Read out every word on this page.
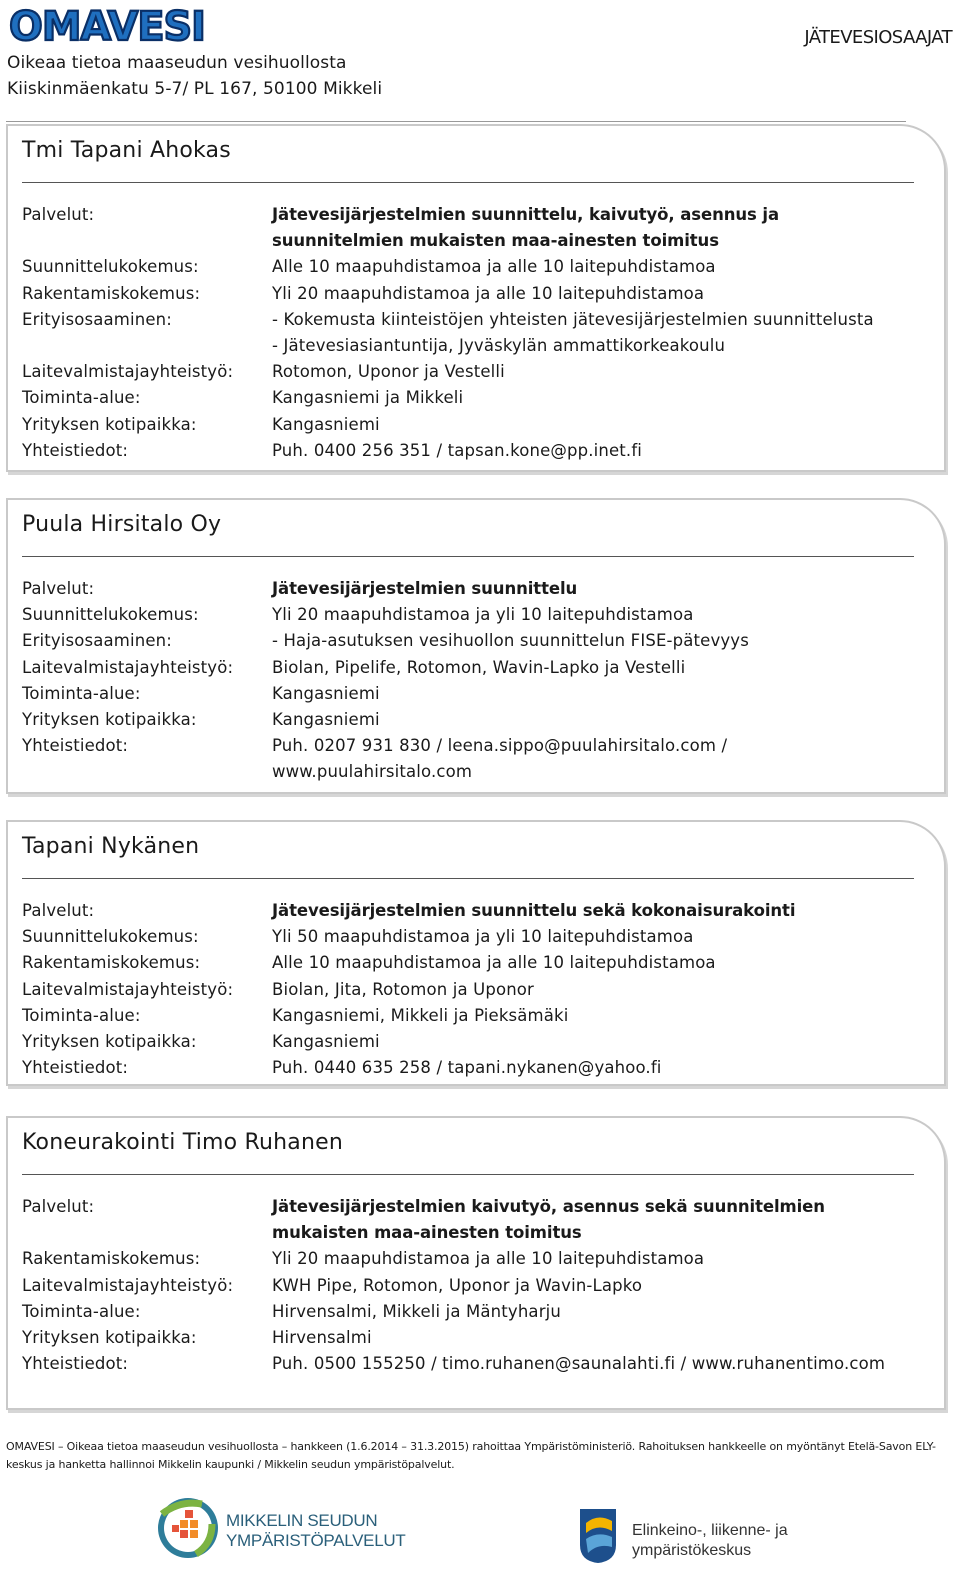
OMAVESI
Oikeaa tietoa maaseudun vesihuollosta
Kiiskinmäenkatu 5-7/ PL 167, 50100 Mikkeli
JÄTEVESIOSAAJAT
Tmi Tapani Ahokas
Palvelut:	Jätevesijärjestelmien suunnittelu, kaivutyö, asennus ja suunnitelmien mukaisten maa-ainesten toimitus
Suunnittelukokemus:	Alle 10 maapuhdistamoa ja alle 10 laitepuhdistamoa
Rakentamiskokemus:	Yli 20 maapuhdistamoa ja alle 10 laitepuhdistamoa
Erityisosaaminen:	- Kokemusta kiinteistöjen yhteisten jätevesijärjestelmien suunnittelusta
- Jätevesiasiantuntija, Jyväskylän ammattikorkeakoulu
Laitevalmistajayhteistyö:	Rotomon, Uponor ja Vestelli
Toiminta-alue:	Kangasniemi ja Mikkeli
Yrityksen kotipaikka:	Kangasniemi
Yhteistiedot:	Puh. 0400 256 351 / tapsan.kone@pp.inet.fi
Puula Hirsitalo Oy
Palvelut:	Jätevesijärjestelmien suunnittelu
Suunnittelukokemus:	Yli 20 maapuhdistamoa ja yli 10 laitepuhdistamoa
Erityisosaaminen:	- Haja-asutuksen vesihuollon suunnittelun FISE-pätevyys
Laitevalmistajayhteistyö:	Biolan, Pipelife, Rotomon, Wavin-Lapko ja Vestelli
Toiminta-alue:	Kangasniemi
Yrityksen kotipaikka:	Kangasniemi
Yhteistiedot:	Puh. 0207 931 830 / leena.sippo@puulahirsitalo.com / www.puulahirsitalo.com
Tapani Nykänen
Palvelut:	Jätevesijärjestelmien suunnittelu sekä kokonaisurakointi
Suunnittelukokemus:	Yli 50 maapuhdistamoa ja yli 10 laitepuhdistamoa
Rakentamiskokemus:	Alle 10 maapuhdistamoa ja alle 10 laitepuhdistamoa
Laitevalmistajayhteistyö:	Biolan, Jita, Rotomon ja Uponor
Toiminta-alue:	Kangasniemi, Mikkeli ja Pieksämäki
Yrityksen kotipaikka:	Kangasniemi
Yhteistiedot:	Puh. 0440 635 258 / tapani.nykanen@yahoo.fi
Koneurakointi Timo Ruhanen
Palvelut:	Jätevesijärjestelmien kaivutyö, asennus sekä suunnitelmien mukaisten maa-ainesten toimitus
Rakentamiskokemus:	Yli 20 maapuhdistamoa ja alle 10 laitepuhdistamoa
Laitevalmistajayhteistyö:	KWH Pipe, Rotomon, Uponor ja Wavin-Lapko
Toiminta-alue:	Hirvensalmi, Mikkeli ja Mäntyharju
Yrityksen kotipaikka:	Hirvensalmi
Yhteistiedot:	Puh. 0500 155250 / timo.ruhanen@saunalahti.fi / www.ruhanentimo.com
OMAVESI – Oikeaa tietoa maaseudun vesihuollosta – hankkeen (1.6.2014 – 31.3.2015) rahoittaa Ympäristöministeriö. Rahoituksen hankkeelle on myöntänyt Etelä-Savon ELY-keskus ja hanketta hallinnoi Mikkelin kaupunki / Mikkelin seudun ympäristöpalvelut.
MIKKELIN SEUDUN
YMPÄRISTÖPALVELUT
Elinkeino-, liikenne- ja
ympäristökeskus
